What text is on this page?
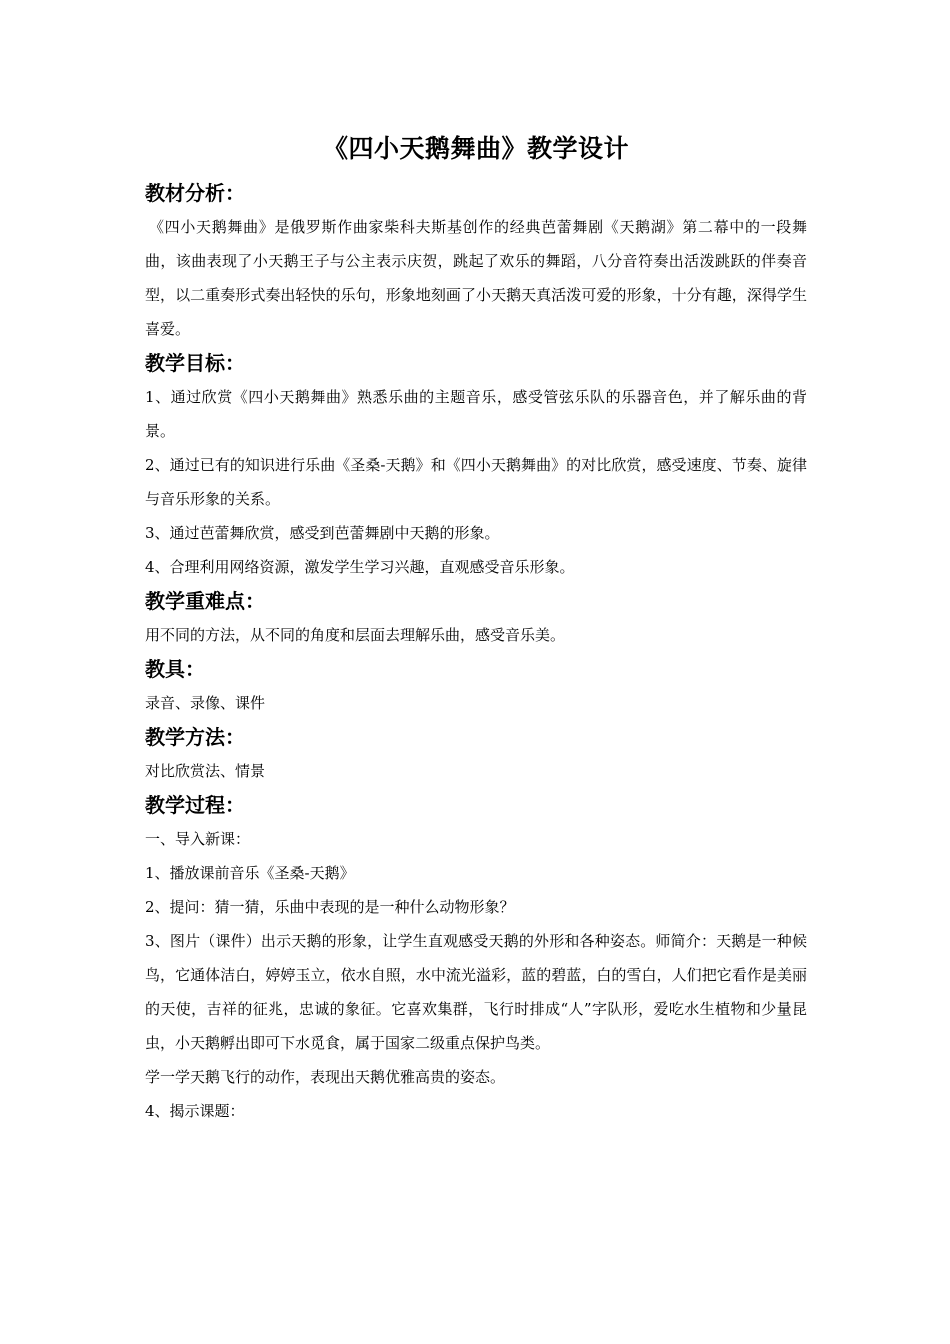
《四小天鹅舞曲》教学设计
教材分析：

《四小天鹅舞曲》是俄罗斯作曲家柴科夫斯基创作的经典芭蕾舞剧《天鹅湖》第二幕中的一段舞曲，该曲表现了小天鹅王子与公主表示庆贺，跳起了欢乐的舞蹈，八分音符奏出活泼跳跃的伴奏音型，以二重奏形式奏出轻快的乐句，形象地刻画了小天鹅天真活泼可爱的形象，十分有趣，深得学生喜爱。

教学目标：

1、通过欣赏《四小天鹅舞曲》熟悉乐曲的主题音乐，感受管弦乐队的乐器音色，并了解乐曲的背景。

2、通过已有的知识进行乐曲《圣桑-天鹅》和《四小天鹅舞曲》的对比欣赏，感受速度、节奏、旋律与音乐形象的关系。

3、通过芭蕾舞欣赏，感受到芭蕾舞剧中天鹅的形象。

4、合理利用网络资源，激发学生学习兴趣，直观感受音乐形象。

教学重难点：

用不同的方法，从不同的角度和层面去理解乐曲，感受音乐美。

教具：

录音、录像、课件

教学方法：

对比欣赏法、情景

教学过程：

一、导入新课：

1、播放课前音乐《圣桑-天鹅》

2、提问：猜一猜，乐曲中表现的是一种什么动物形象？

3、图片（课件）出示天鹅的形象，让学生直观感受天鹅的外形和各种姿态。师简介：天鹅是一种候鸟，它通体洁白，婷婷玉立，依水自照，水中流光溢彩，蓝的碧蓝，白的雪白，人们把它看作是美丽的天使，吉祥的征兆，忠诚的象征。它喜欢集群，飞行时排成“人”字队形，爱吃水生植物和少量昆虫，小天鹅孵出即可下水觅食，属于国家二级重点保护鸟类。

学一学天鹅飞行的动作，表现出天鹅优雅高贵的姿态。

4、揭示课题：
